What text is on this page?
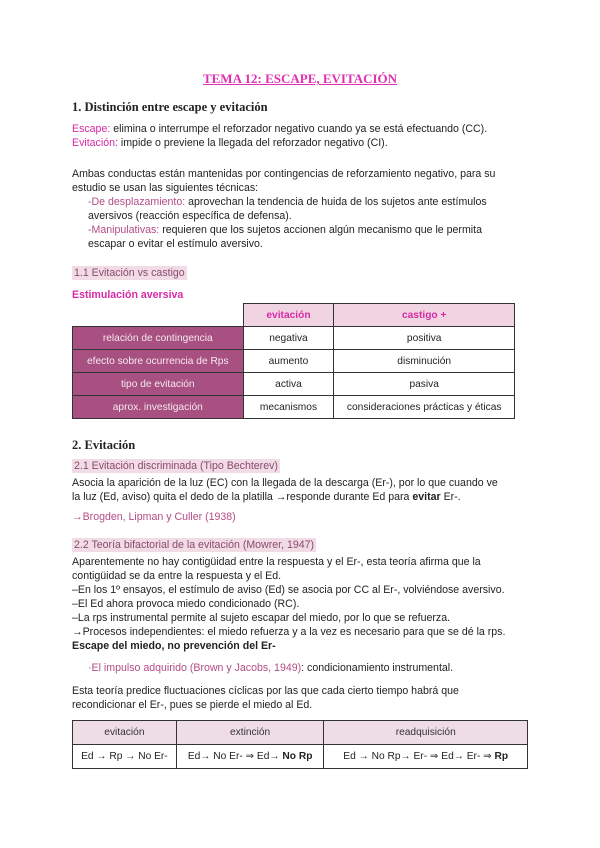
TEMA 12: ESCAPE, EVITACIÓN
1. Distinción entre escape y evitación
Escape: elimina o interrumpe el reforzador negativo cuando ya se está efectuando (CC).
Evitación: impide o previene la llegada del reforzador negativo (CI).
Ambas conductas están mantenidas por contingencias de reforzamiento negativo, para su
estudio se usan las siguientes técnicas:
-De desplazamiento: aprovechan la tendencia de huida de los sujetos ante estímulos
aversivos (reacción específica de defensa).
-Manipulativas: requieren que los sujetos accionen algún mecanismo que le permita
escapar o evitar el estímulo aversivo.
1.1 Evitación vs castigo
Estimulación aversiva
	evitación	castigo +
relación de contingencia	negativa	positiva
efecto sobre ocurrencia de Rps	aumento	disminución
tipo de evitación	activa	pasiva
aprox. investigación	mecanismos	consideraciones prácticas y éticas
2. Evitación
2.1 Evitación discriminada (Tipo Bechterev)
Asocia la aparición de la luz (EC) con la llegada de la descarga (Er-), por lo que cuando ve
la luz (Ed, aviso) quita el dedo de la platilla →responde durante Ed para evitar Er-.
→Brogden, Lipman y Culler (1938)
2.2 Teoría bifactorial de la evitación (Mowrer, 1947)
Aparentemente no hay contigüidad entre la respuesta y el Er-, esta teoría afirma que la
contigüidad se da entre la respuesta y el Ed.
–En los 1º ensayos, el estímulo de aviso (Ed) se asocia por CC al Er-, volviéndose aversivo.
–El Ed ahora provoca miedo condicionado (RC).
–La rps instrumental permite al sujeto escapar del miedo, por lo que se refuerza.
→Procesos independientes: el miedo refuerza y a la vez es necesario para que se dé la rps.
Escape del miedo, no prevención del Er-
·El impulso adquirido (Brown y Jacobs, 1949): condicionamiento instrumental.
Esta teoría predice fluctuaciones cíclicas por las que cada cierto tiempo habrá que
recondicionar el Er-, pues se pierde el miedo al Ed.
evitación	extinción	readquisición
Ed → Rp → No Er-	Ed→ No Er- ⇒ Ed→ No Rp	Ed → No Rp→ Er- ⇒ Ed→ Er- ⇒ Rp
